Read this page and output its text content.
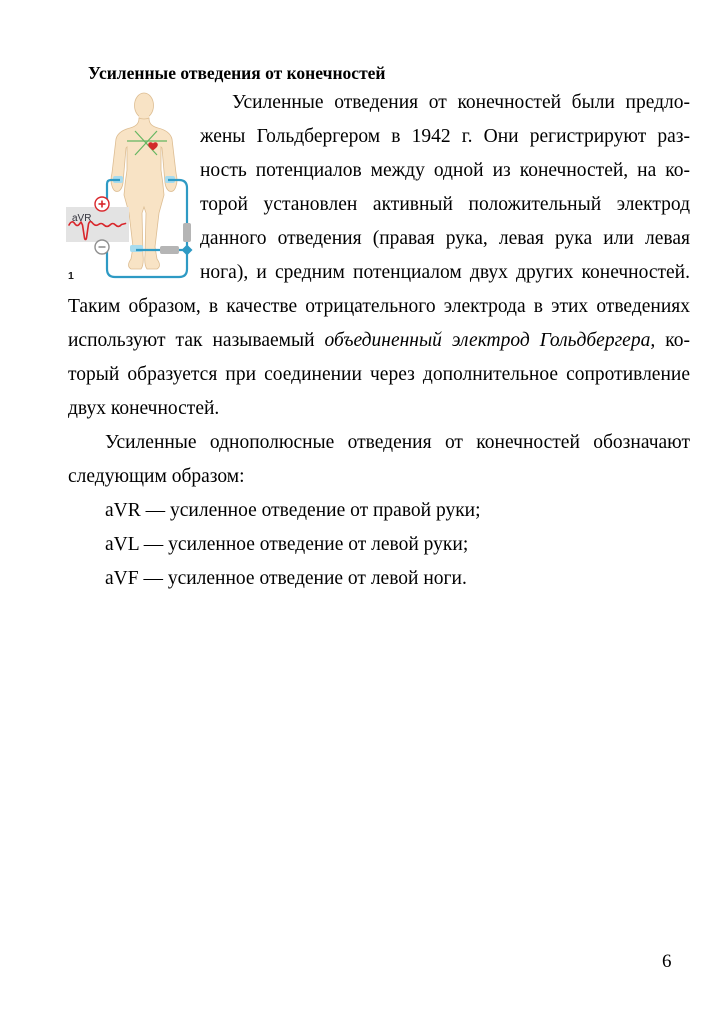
Усиленные отведения от конечностей
aVR
1
Усиленные отведения от конечностей были предло-
жены Гольдбергером в 1942 г. Они регистрируют раз-
ность потенциалов между одной из конечностей, на ко-
торой установлен активный положительный электрод
данного отведения (правая рука, левая рука или левая
нога), и средним потенциалом двух других конечностей.
Таким образом, в качестве отрицательного электрода в этих отведениях
используют так называемый объединенный электрод Гольдбергера, ко-
торый образуется при соединении через дополнительное сопротивление
двух конечностей.
Усиленные однополюсные отведения от конечностей обозначают
следующим образом:
aVR — усиленное отведение от правой руки;
aVL — усиленное отведение от левой руки;
aVF — усиленное отведение от левой ноги.
6
